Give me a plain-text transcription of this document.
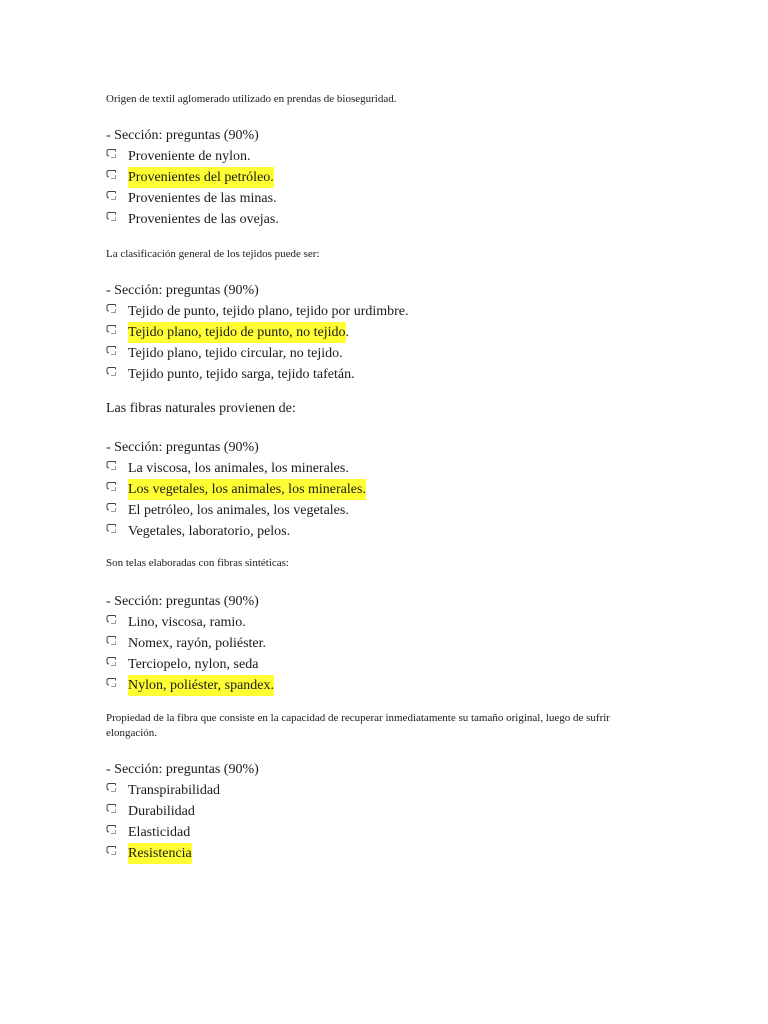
Origen de textil aglomerado utilizado en prendas de bioseguridad.

- Sección: preguntas (90%)

Proveniente de nylon.
Provenientes del petróleo.
Provenientes de las minas.
Provenientes de las ovejas.

La clasificación general de los tejidos puede ser:

- Sección: preguntas (90%)

Tejido de punto, tejido plano, tejido por urdimbre.
Tejido plano, tejido de punto, no tejido .
Tejido plano, tejido circular, no tejido.
Tejido punto, tejido sarga, tejido tafetán.

Las fibras naturales provienen de:

- Sección: preguntas (90%)

La viscosa, los animales, los minerales.
Los vegetales, los animales, los minerales.
El petróleo, los animales, los vegetales.
Vegetales, laboratorio, pelos.

Son telas elaboradas con fibras sintéticas:

- Sección: preguntas (90%)

Lino, viscosa, ramio.
Nomex, rayón, poliéster.
Terciopelo, nylon, seda
Nylon, poliéster, spandex.

Propiedad de la fibra que consiste en la capacidad de recuperar inmediatamente su tamaño original, luego de sufrir elongación.

- Sección: preguntas (90%)

Transpirabilidad
Durabilidad
Elasticidad
Resistencia
